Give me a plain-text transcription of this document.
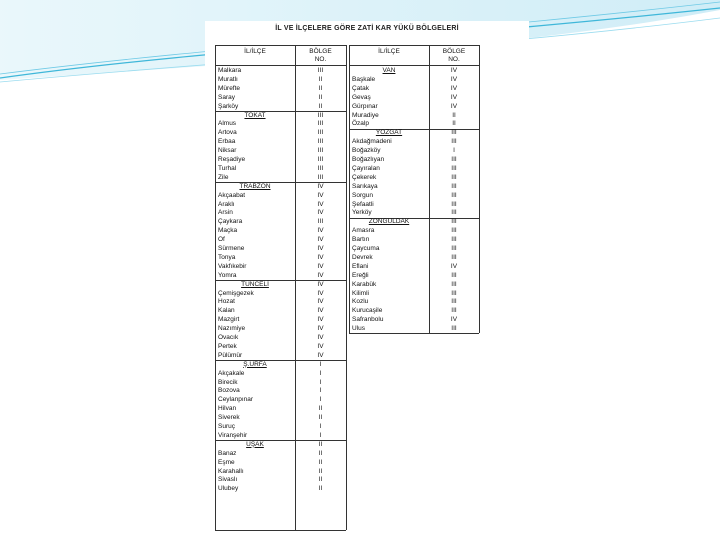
İL VE İLÇELERE GÖRE ZATİ KAR YÜKÜ BÖLGELERİ
İL/İLÇE	BÖLGE
NO.
Malkara	III
Muratlı	II
Mürefte	II
Saray	II
Şarköy	II
TOKAT	III
Almus	III
Artova	III
Erbaa	III
Niksar	III
Reşadiye	III
Turhal	III
Zile	III
TRABZON	IV
Akçaabat	IV
Araklı	IV
Arsin	IV
Çaykara	III
Maçka	IV
Of	IV
Sürmene	IV
Tonya	IV
Vakfıkebir	IV
Yomra	IV
TUNCELİ	IV
Çemişgezek	IV
Hozat	IV
Kalan	IV
Mazgirt	IV
Nazımiye	IV
Ovacık	IV
Pertek	IV
Pülümür	IV
Ş.URFA	I
Akçakale	I
Birecik	I
Bozova	I
Ceylanpınar	I
Hilvan	II
Siverek	II
Suruç	I
Viranşehir	I
UŞAK	II
Banaz	II
Eşme	II
Karahallı	II
Sivaslı	II
Ulubey	II
İL/İLÇE	BÖLGE
NO.
VAN	IV
Başkale	IV
Çatak	IV
Gevaş	IV
Gürpınar	IV
Muradiye	II
Özalp	II
YOZGAT	III
Akdağmadeni	III
Boğazköy	I
Boğazlıyan	III
Çayıralan	III
Çekerek	III
Sarıkaya	III
Sorgun	III
Şefaatli	III
Yerköy	III
ZONGULDAK	III
Amasra	III
Bartın	III
Çaycuma	III
Devrek	III
Eflani	IV
Ereğli	III
Karabük	III
Kilimli	III
Kozlu	III
Kurucaşile	III
Safranbolu	IV
Ulus	III
